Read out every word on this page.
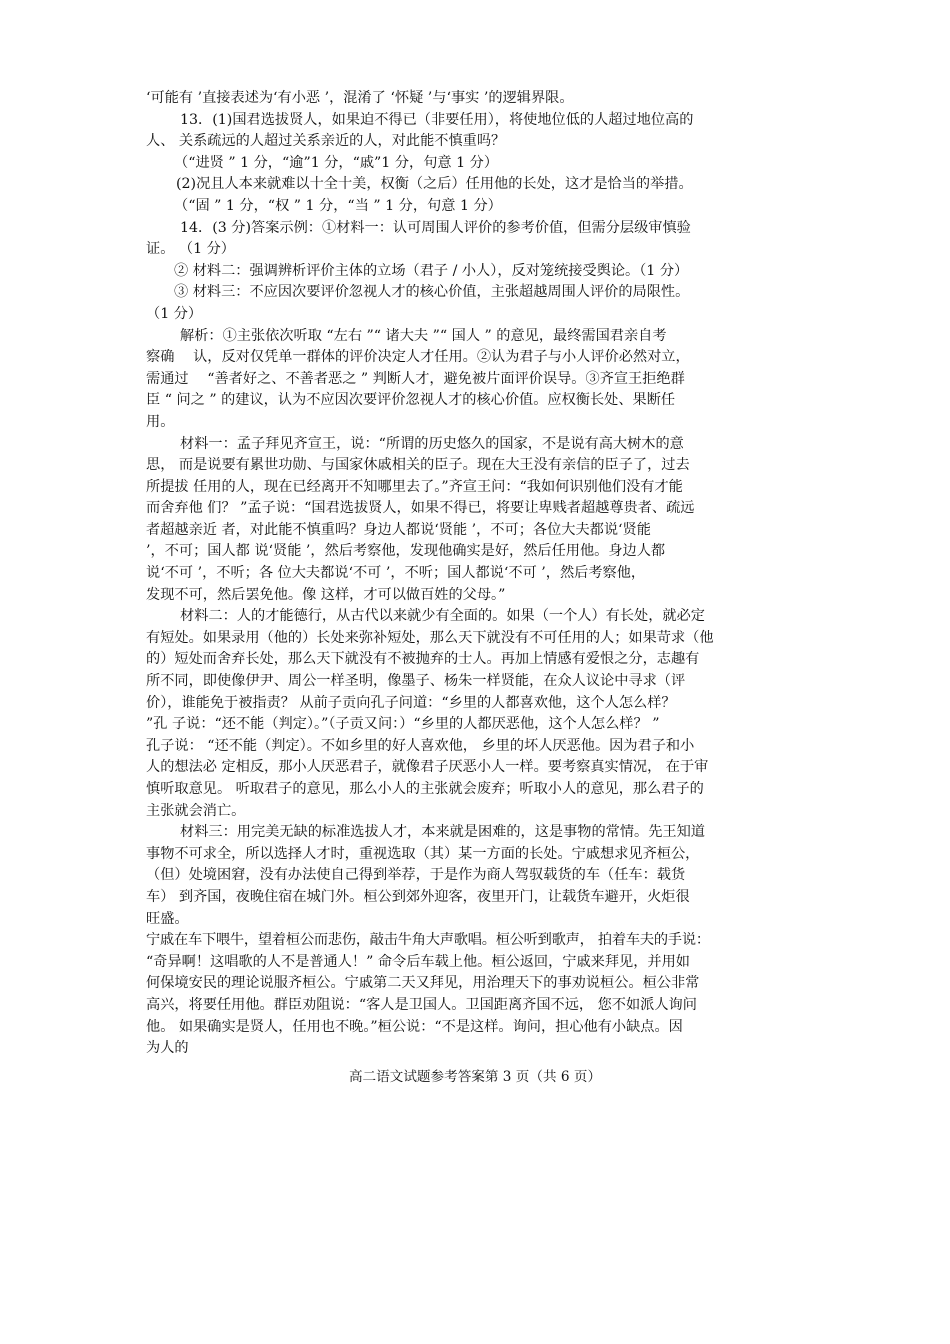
‘可能有 ’直接表述为‘有小恶 ’，混淆了 ‘怀疑 ’与‘事实 ’的逻辑界限。
13．(1)国君选拔贤人，如果迫不得已（非要任用），将使地位低的人超过地位高的
人、 关系疏远的人超过关系亲近的人，对此能不慎重吗？
（“进贤 ” 1 分，“逾”1 分，“戚”1 分，句意 1 分）
(2)况且人本来就难以十全十美，权衡（之后）任用他的长处，这才是恰当的举措。
（“固 ” 1 分，“权 ” 1 分，“当 ” 1 分，句意 1 分）
14．(3 分)答案示例：①材料一：认可周围人评价的参考价值，但需分层级审慎验
证。 （1 分）
② 材料二：强调辨析评价主体的立场（君子 / 小人），反对笼统接受舆论。（1 分）
③ 材料三：不应因次要评价忽视人才的核心价值，主张超越周围人评价的局限性。
（1 分）
解析：①主张依次听取 “左右 ”“ 诸大夫 ”“ 国人 ” 的意见，最终需国君亲自考
察确　 认，反对仅凭单一群体的评价决定人才任用。②认为君子与小人评价必然对立，
需通过　 “善者好之、不善者恶之 ” 判断人才，避免被片面评价误导。③齐宣王拒绝群
臣 “ 问之 ” 的建议，认为不应因次要评价忽视人才的核心价值。应权衡长处、果断任
用。
材料一：孟子拜见齐宣王，说：“所谓的历史悠久的国家，不是说有高大树木的意
思， 而是说要有累世功勋、与国家休戚相关的臣子。现在大王没有亲信的臣子了，过去
所提拔 任用的人，现在已经离开不知哪里去了。”齐宣王问：“我如何识别他们没有才能
而舍弃他 们？ ”孟子说：“国君选拔贤人，如果不得已，将要让卑贱者超越尊贵者、疏远
者超越亲近 者，对此能不慎重吗？身边人都说‘贤能 ’，不可；各位大夫都说‘贤能
’，不可；国人都 说‘贤能 ’，然后考察他，发现他确实是好，然后任用他。身边人都
说‘不可 ’，不听；各 位大夫都说‘不可 ’，不听；国人都说‘不可 ’，然后考察他，
发现不可，然后罢免他。像 这样，才可以做百姓的父母。”
材料二：人的才能德行，从古代以来就少有全面的。如果（一个人）有长处，就必定
有短处。如果录用（他的）长处来弥补短处，那么天下就没有不可任用的人；如果苛求（他
的）短处而舍弃长处，那么天下就没有不被抛弃的士人。再加上情感有爱恨之分，志趣有
所不同，即使像伊尹、周公一样圣明，像墨子、杨朱一样贤能，在众人议论中寻求（评
价），谁能免于被指责？ 从前子贡向孔子问道：“乡里的人都喜欢他，这个人怎么样？
”孔 子说：“还不能（判定）。”（子贡又问：）“乡里的人都厌恶他，这个人怎么样？ ”
孔子说： “还不能（判定）。不如乡里的好人喜欢他， 乡里的坏人厌恶他。因为君子和小
人的想法必 定相反，那小人厌恶君子，就像君子厌恶小人一样。要考察真实情况， 在于审
慎听取意见。 听取君子的意见，那么小人的主张就会废弃；听取小人的意见，那么君子的
主张就会消亡。
材料三：用完美无缺的标准选拔人才，本来就是困难的，这是事物的常情。先王知道
事物不可求全，所以选择人才时，重视选取（其）某一方面的长处。宁戚想求见齐桓公，
（但）处境困窘，没有办法使自己得到举荐，于是作为商人驾驭载货的车（任车：载货
车） 到齐国，夜晚住宿在城门外。桓公到郊外迎客，夜里开门，让载货车避开，火炬很
旺盛。
宁戚在车下喂牛，望着桓公而悲伤，敲击牛角大声歌唱。桓公听到歌声， 拍着车夫的手说：
“奇异啊！这唱歌的人不是普通人！” 命令后车载上他。桓公返回，宁戚来拜见，并用如
何保境安民的理论说服齐桓公。宁戚第二天又拜见，用治理天下的事劝说桓公。桓公非常
高兴，将要任用他。群臣劝阻说：“客人是卫国人。卫国距离齐国不远， 您不如派人询问
他。 如果确实是贤人，任用也不晚。”桓公说：“不是这样。询问，担心他有小缺点。因
为人的
高二语文试题参考答案第 3 页（共 6 页）
